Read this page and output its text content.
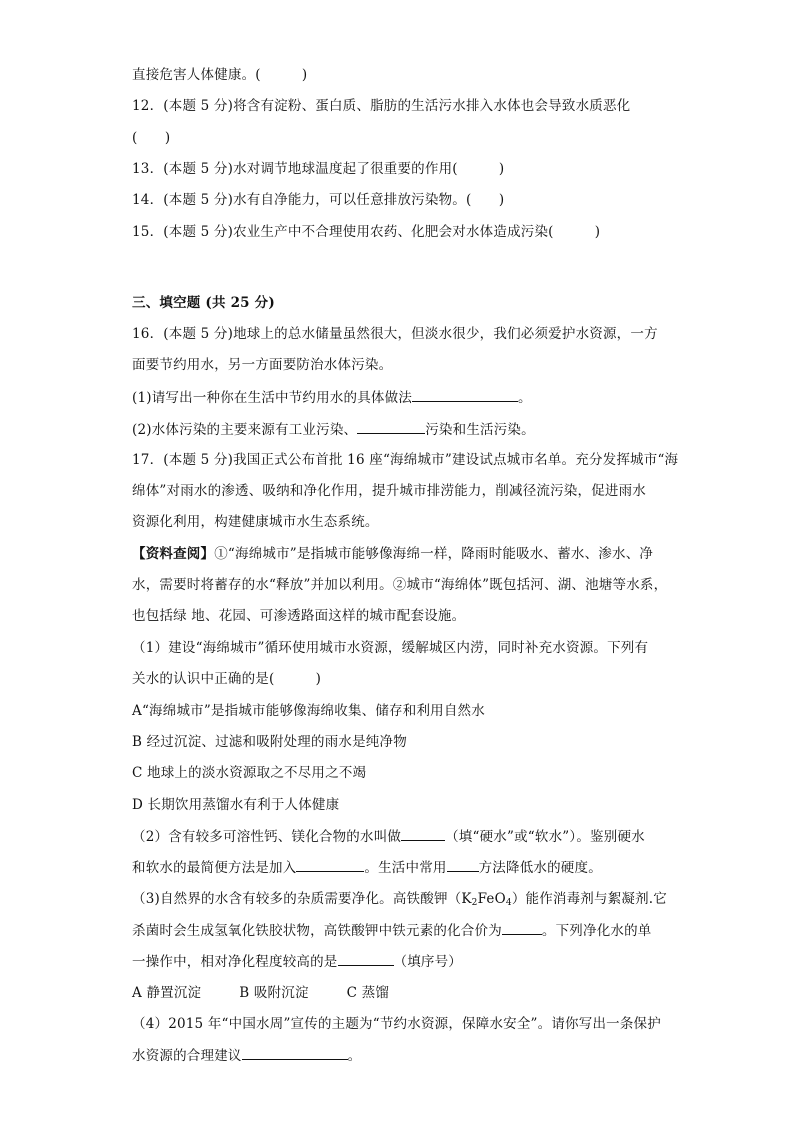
直接危害人体健康。(　　　)
12．(本题 5 分)将含有淀粉、蛋白质、脂肪的生活污水排入水体也会导致水质恶化
(　　)
13．(本题 5 分)水对调节地球温度起了很重要的作用(　　　)
14．(本题 5 分)水有自净能力，可以任意排放污染物。(　　)
15．(本题 5 分)农业生产中不合理使用农药、化肥会对水体造成污染(　　　)
三、填空题 (共 25 分)
16．(本题 5 分)地球上的总水储量虽然很大，但淡水很少，我们必须爱护水资源，一方
面要节约用水，另一方面要防治水体污染。
(1)请写出一种你在生活中节约用水的具体做法	。
(2)水体污染的主要来源有工业污染、	污染和生活污染。
17．(本题 5 分)我国正式公布首批 16 座“海绵城市”建设试点城市名单。充分发挥城市“海
绵体”对雨水的渗透、吸纳和净化作用，提升城市排涝能力，削减径流污染，促进雨水
资源化利用，构建健康城市水生态系统。
【资料查阅】①“海绵城市”是指城市能够像海绵一样，降雨时能吸水、蓄水、渗水、净
水，需要时将蓄存的水“释放”并加以利用。②城市“海绵体”既包括河、湖、池塘等水系，
也包括绿 地、花园、可渗透路面这样的城市配套设施。
（1）建设“海绵城市”循环使用城市水资源，缓解城区内涝，同时补充水资源。下列有
关水的认识中正确的是(　　　)
A“海绵城市”是指城市能够像海绵收集、储存和利用自然水
B 经过沉淀、过滤和吸附处理的雨水是纯净物
C 地球上的淡水资源取之不尽用之不竭
D 长期饮用蒸馏水有利于人体健康
（2）含有较多可溶性钙、镁化合物的水叫做	（填“硬水”或“软水”）。鉴别硬水
和软水的最简便方法是加入	。生活中常用 方法降低水的硬度。
（3)自然界的水含有较多的杂质需要净化。高铁酸钾$(K_2FeO_4)$能作消毒剂与絮凝剂.它
杀菌时会生成氢氧化铁胶状物，高铁酸钾中铁元素的化合价为	。下列净化水的单
一操作中，相对净化程度较高的是	（填序号）
A 静置沉淀	B 吸附沉淀	C 蒸馏
（4）2015 年“中国水周”宣传的主题为“节约水资源，保障水安全”。请你写出一条保护
水资源的合理建议	。
